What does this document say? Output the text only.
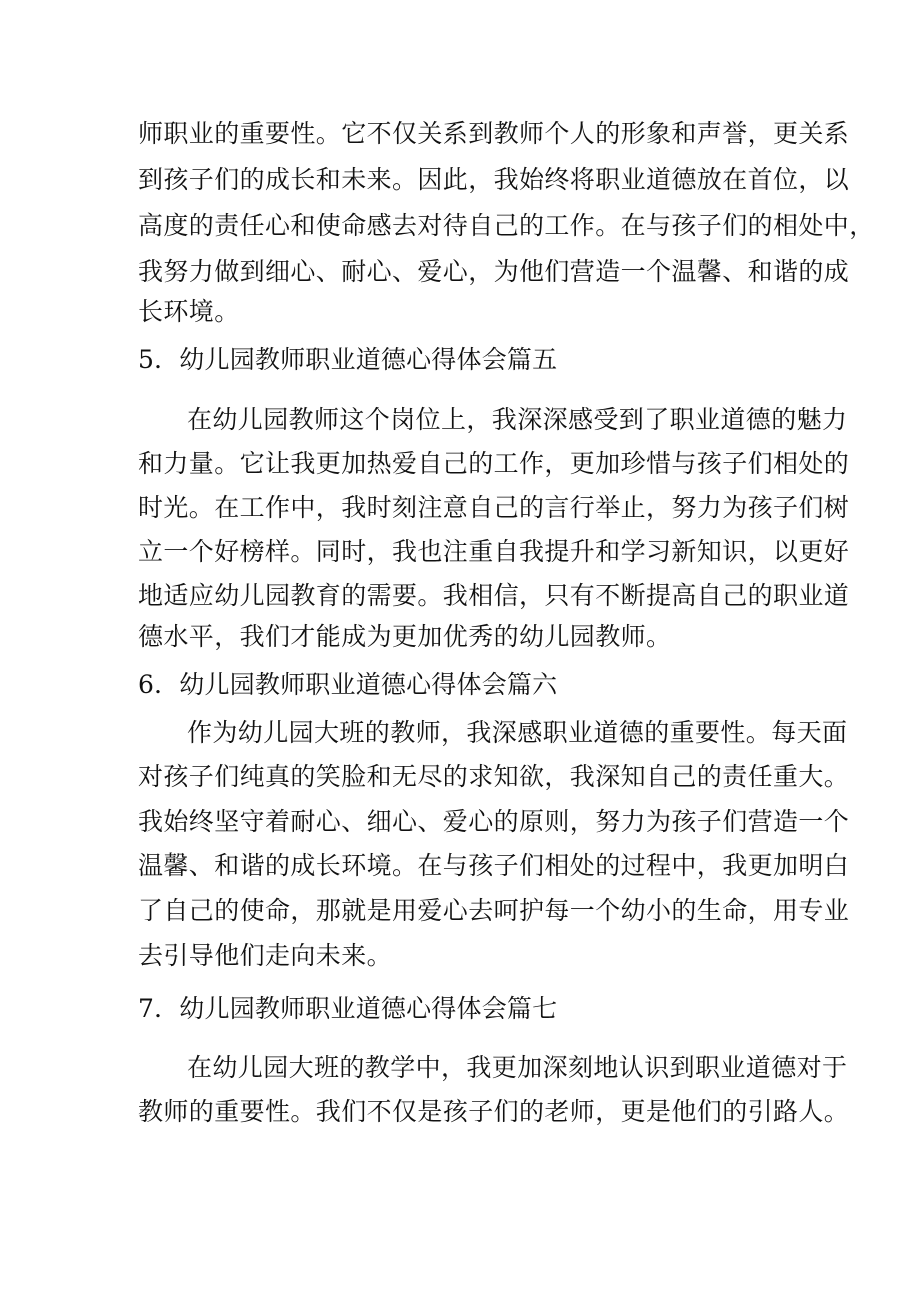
师职业的重要性。它不仅关系到教师个人的形象和声誉，更关系
到孩子们的成长和未来。因此，我始终将职业道德放在首位，以
高度的责任心和使命感去对待自己的工作。在与孩子们的相处中，
我努力做到细心、耐心、爱心，为他们营造一个温馨、和谐的成
长环境。
5．幼儿园教师职业道德心得体会篇五
在幼儿园教师这个岗位上，我深深感受到了职业道德的魅力
和力量。它让我更加热爱自己的工作，更加珍惜与孩子们相处的
时光。在工作中，我时刻注意自己的言行举止，努力为孩子们树
立一个好榜样。同时，我也注重自我提升和学习新知识，以更好
地适应幼儿园教育的需要。我相信，只有不断提高自己的职业道
德水平，我们才能成为更加优秀的幼儿园教师。
6．幼儿园教师职业道德心得体会篇六
作为幼儿园大班的教师，我深感职业道德的重要性。每天面
对孩子们纯真的笑脸和无尽的求知欲，我深知自己的责任重大。
我始终坚守着耐心、细心、爱心的原则，努力为孩子们营造一个
温馨、和谐的成长环境。在与孩子们相处的过程中，我更加明白
了自己的使命，那就是用爱心去呵护每一个幼小的生命，用专业
去引导他们走向未来。
7．幼儿园教师职业道德心得体会篇七
在幼儿园大班的教学中，我更加深刻地认识到职业道德对于
教师的重要性。我们不仅是孩子们的老师，更是他们的引路人。
